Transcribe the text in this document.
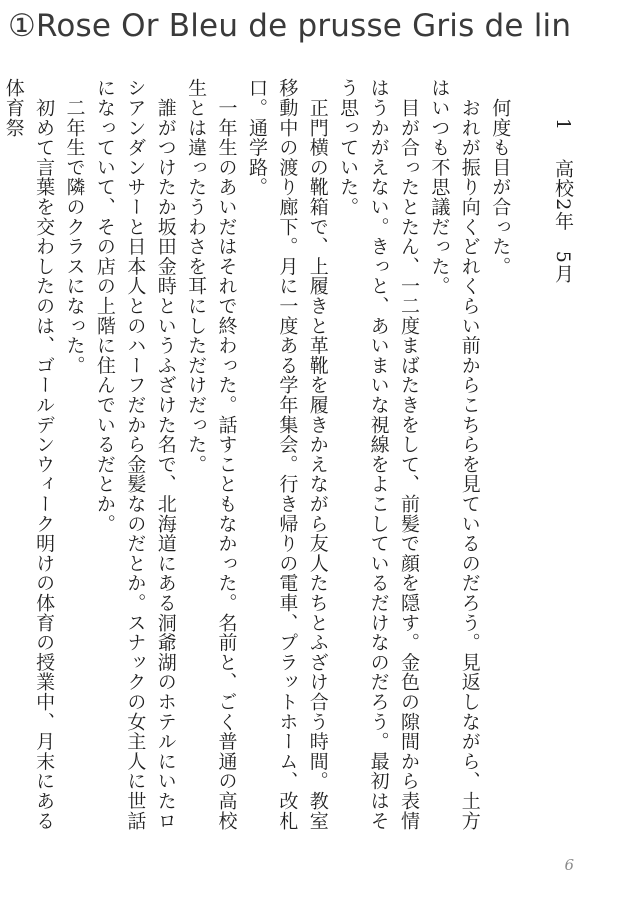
①Rose Or Bleu de prusse Gris de lin
1　高校2年　5月

　何度も目が合った。

　おれが振り向くどれくらい前からこちらを見ているのだろう。見返しながら、土方はいつも不思議だった。

　目が合ったとたん、一二度まばたきをして、前髪で顔を隠す。金色の隙間から表情はうかがえない。きっと、あいまいな視線をよこしているだけなのだろう。最初はそう思っていた。

　正門横の靴箱で、上履きと革靴を履きかえながら友人たちとふざけ合う時間。教室移動中の渡り廊下。月に一度ある学年集会。行き帰りの電車、プラットホーム、改札口。通学路。

　一年生のあいだはそれで終わった。話すこともなかった。名前と、ごく普通の高校生とは違ったうわさを耳にしただけだった。

　誰がつけたか坂田金時というふざけた名で、北海道にある洞爺湖のホテルにいたロシアンダンサーと日本人とのハーフだから金髪なのだとか。スナックの女主人に世話になっていて、その店の上階に住んでいるだとか。

　二年生で隣のクラスになった。

　初めて言葉を交わしたのは、ゴールデンウィーク明けの体育の授業中、月末にある体育祭

6
